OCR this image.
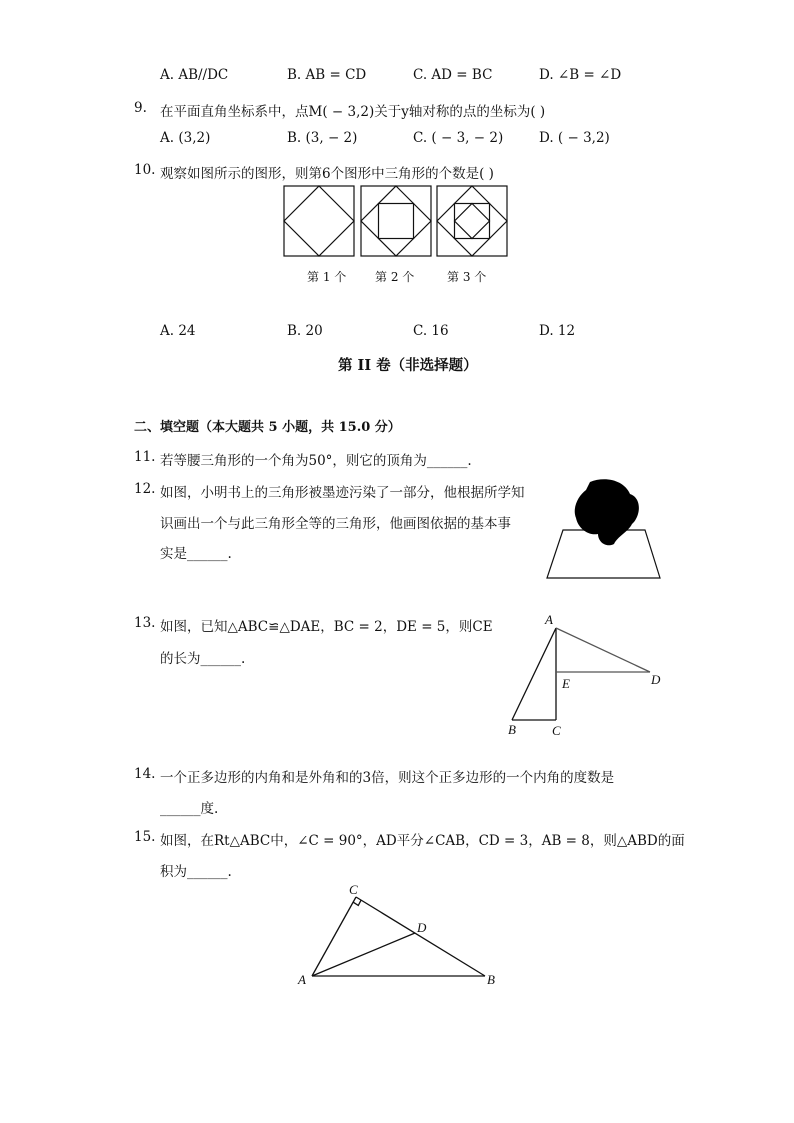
A. AB//DC	B. AB = CD	C. AD = BC	D. ∠B = ∠D
9. 在平面直角坐标系中，点M( − 3,2)关于y轴对称的点的坐标为( )
A. (3,2)	B. (3, − 2)	C. ( − 3, − 2)	D. ( − 3,2)
10. 观察如图所示的图形，则第6个图形中三角形的个数是( )
第 1 个 第 2 个	第 3 个
A. 24	B. 20	C. 16	D. 12
第 II 卷（非选择题）
二、填空题（本大题共 5 小题，共 15.0 分）
11. 若等腰三角形的一个角为50°，则它的顶角为______.
12. 如图，小明书上的三角形被墨迹污染了一部分，他根据所学知
识画出一个与此三角形全等的三角形，他画图依据的基本事
实是______.
13. 如图，已知△ABC≌△DAE，BC = 2，DE = 5，则CE
的长为______.
A
B	C
D
E
14. 一个正多边形的内角和是外角和的3倍，则这个正多边形的一个内角的度数是
______度.
15. 如图，在Rt△ABC中，∠C = 90°，AD平分∠CAB，CD = 3，AB = 8，则△ABD的面
积为______.
C
D
A	B
